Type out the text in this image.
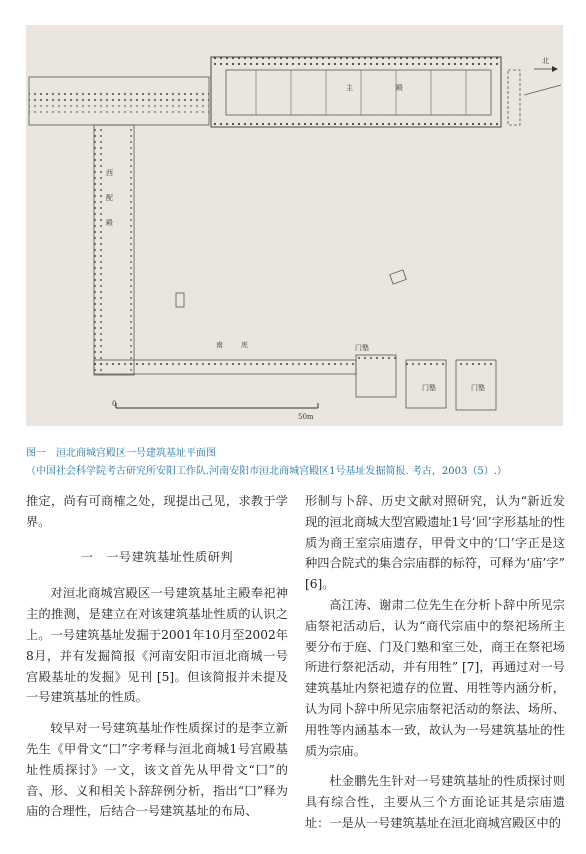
0
50m
北
主	殿
西
配
殿
南	庑	门塾
门塾	门塾
图一　洹北商城宫殿区一号建筑基址平面图
（中国社会科学院考古研究所安阳工作队.河南安阳市洹北商城宫殿区1号基址发掘简报. 考古，2003（5）.）

推定，尚有可商榷之处，现提出己见，求教于学界。

一　一号建筑基址性质研判

对洹北商城宫殿区一号建筑基址主殿奉祀神主的推测，是建立在对该建筑基址性质的认识之上。一号建筑基址发掘于2001年10月至2002年8月，并有发掘简报《河南安阳市洹北商城一号宫殿基址的发掘》见刊 [5]。但该简报并未提及一号建筑基址的性质。

较早对一号建筑基址作性质探讨的是李立新先生《甲骨文“囗”字考释与洹北商城1号宫殿基址性质探讨》一文，该文首先从甲骨文“囗”的音、形、义和相关卜辞辞例分析，指出“囗”释为庙的合理性，后结合一号建筑基址的布局、

形制与卜辞、历史文献对照研究，认为“新近发现的洹北商城大型宫殿遗址1号‘回’字形基址的性质为商王室宗庙遗存，甲骨文中的‘囗’字正是这种四合院式的集合宗庙群的标符，可释为‘庙’字” [6]。

高江涛、谢肃二位先生在分析卜辞中所见宗庙祭祀活动后，认为“商代宗庙中的祭祀场所主要分布于庭、门及门塾和室三处，商王在祭祀场所进行祭祀活动，并有用牲” [7]，再通过对一号建筑基址内祭祀遗存的位置、用牲等内涵分析，认为同卜辞中所见宗庙祭祀活动的祭法、场所、用牲等内涵基本一致，故认为一号建筑基址的性质为宗庙。

杜金鹏先生针对一号建筑基址的性质探讨则具有综合性，主要从三个方面论证其是宗庙遗址：一是从一号建筑基址在洹北商城宫殿区中的
